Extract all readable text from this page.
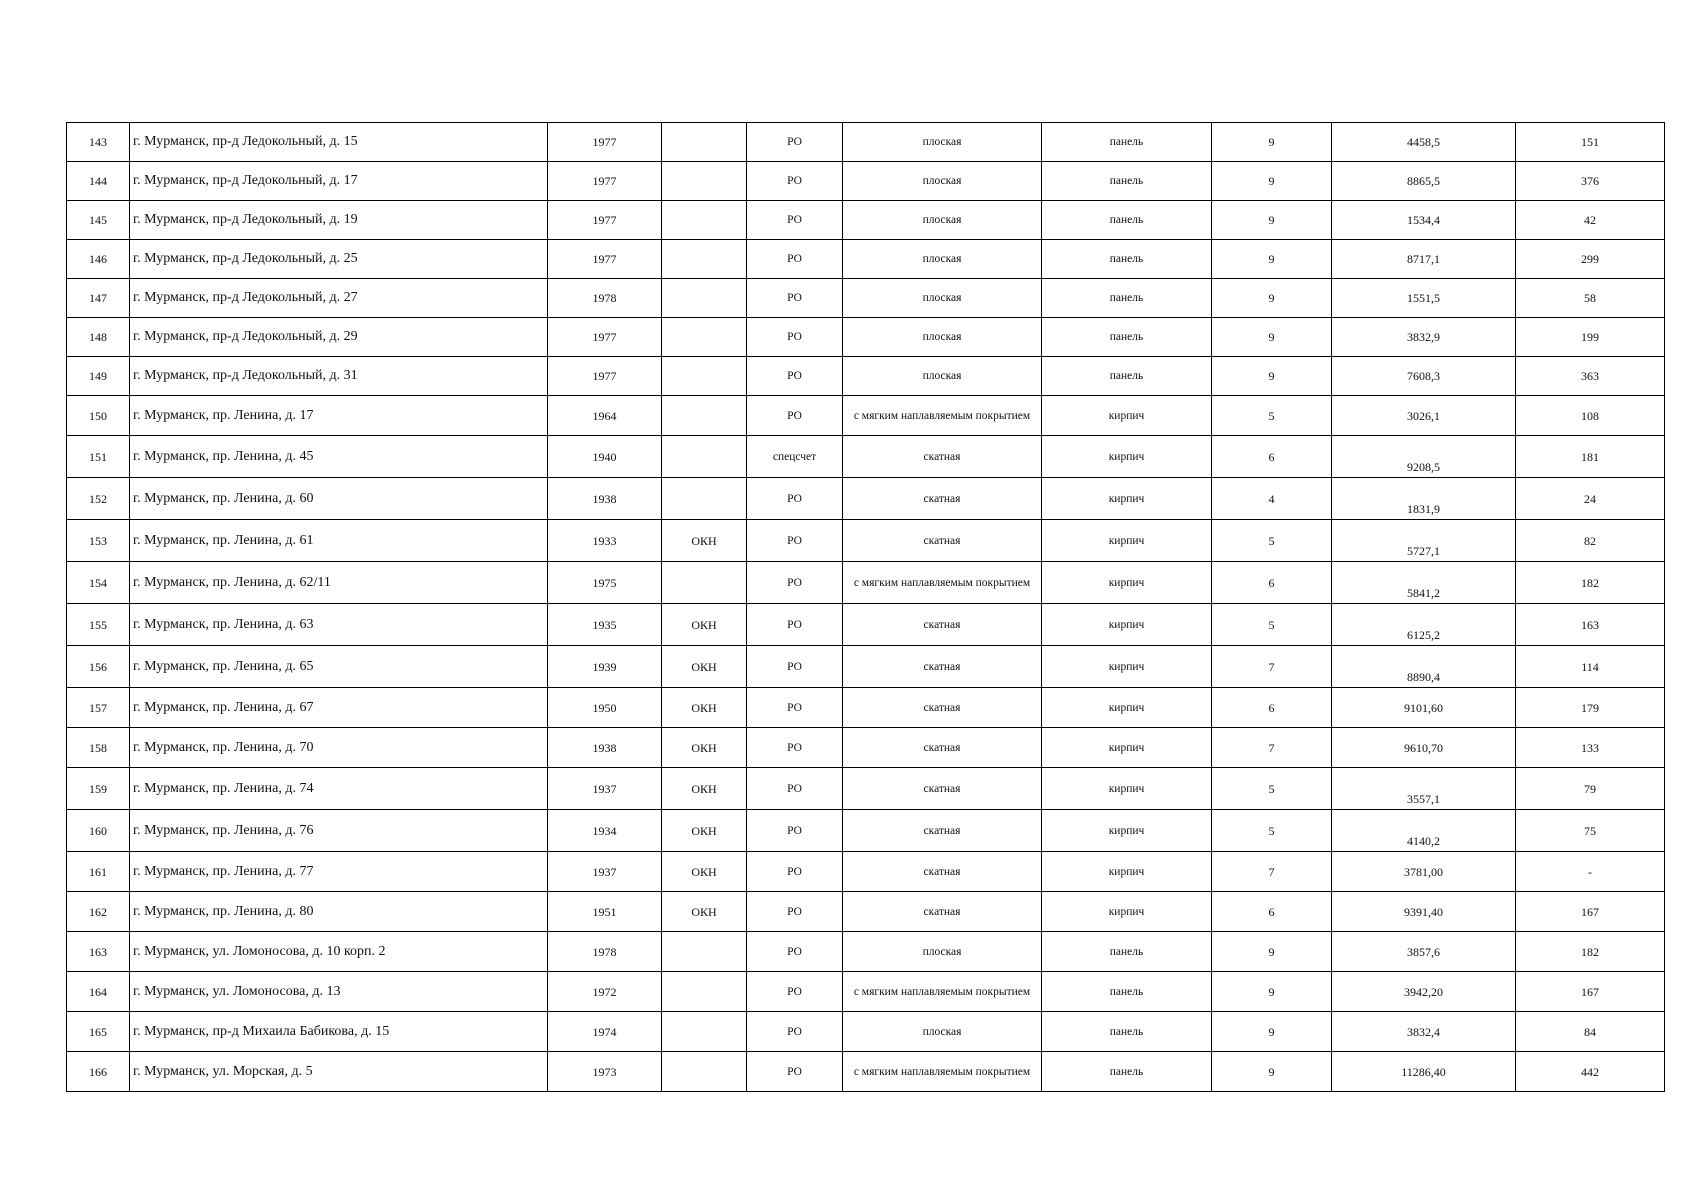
143	г. Мурманск, пр-д Ледокольный, д. 15	1977		РО	плоская	панель	9	4458,5	151
144	г. Мурманск, пр-д Ледокольный, д. 17	1977		РО	плоская	панель	9	8865,5	376
145	г. Мурманск, пр-д Ледокольный, д. 19	1977		РО	плоская	панель	9	1534,4	42
146	г. Мурманск, пр-д Ледокольный, д. 25	1977		РО	плоская	панель	9	8717,1	299
147	г. Мурманск, пр-д Ледокольный, д. 27	1978		РО	плоская	панель	9	1551,5	58
148	г. Мурманск, пр-д Ледокольный, д. 29	1977		РО	плоская	панель	9	3832,9	199
149	г. Мурманск, пр-д Ледокольный, д. 31	1977		РО	плоская	панель	9	7608,3	363
150	г. Мурманск, пр. Ленина, д. 17	1964		РО	с мягким наплавляемым покрытием	кирпич	5	3026,1	108
151	г. Мурманск, пр. Ленина, д. 45	1940		спецсчет	скатная	кирпич	6	9208,5	181
152	г. Мурманск, пр. Ленина, д. 60	1938		РО	скатная	кирпич	4	1831,9	24
153	г. Мурманск, пр. Ленина, д. 61	1933	ОКН	РО	скатная	кирпич	5	5727,1	82
154	г. Мурманск, пр. Ленина, д. 62/11	1975		РО	с мягким наплавляемым покрытием	кирпич	6	5841,2	182
155	г. Мурманск, пр. Ленина, д. 63	1935	ОКН	РО	скатная	кирпич	5	6125,2	163
156	г. Мурманск, пр. Ленина, д. 65	1939	ОКН	РО	скатная	кирпич	7	8890,4	114
157	г. Мурманск, пр. Ленина, д. 67	1950	ОКН	РО	скатная	кирпич	6	9101,60	179
158	г. Мурманск, пр. Ленина, д. 70	1938	ОКН	РО	скатная	кирпич	7	9610,70	133
159	г. Мурманск, пр. Ленина, д. 74	1937	ОКН	РО	скатная	кирпич	5	3557,1	79
160	г. Мурманск, пр. Ленина, д. 76	1934	ОКН	РО	скатная	кирпич	5	4140,2	75
161	г. Мурманск, пр. Ленина, д. 77	1937	ОКН	РО	скатная	кирпич	7	3781,00	-
162	г. Мурманск, пр. Ленина, д. 80	1951	ОКН	РО	скатная	кирпич	6	9391,40	167
163	г. Мурманск, ул. Ломоносова, д. 10 корп. 2	1978		РО	плоская	панель	9	3857,6	182
164	г. Мурманск, ул. Ломоносова, д. 13	1972		РО	с мягким наплавляемым покрытием	панель	9	3942,20	167
165	г. Мурманск, пр-д Михаила Бабикова, д. 15	1974		РО	плоская	панель	9	3832,4	84
166	г. Мурманск, ул. Морская, д. 5	1973		РО	с мягким наплавляемым покрытием	панель	9	11286,40	442
